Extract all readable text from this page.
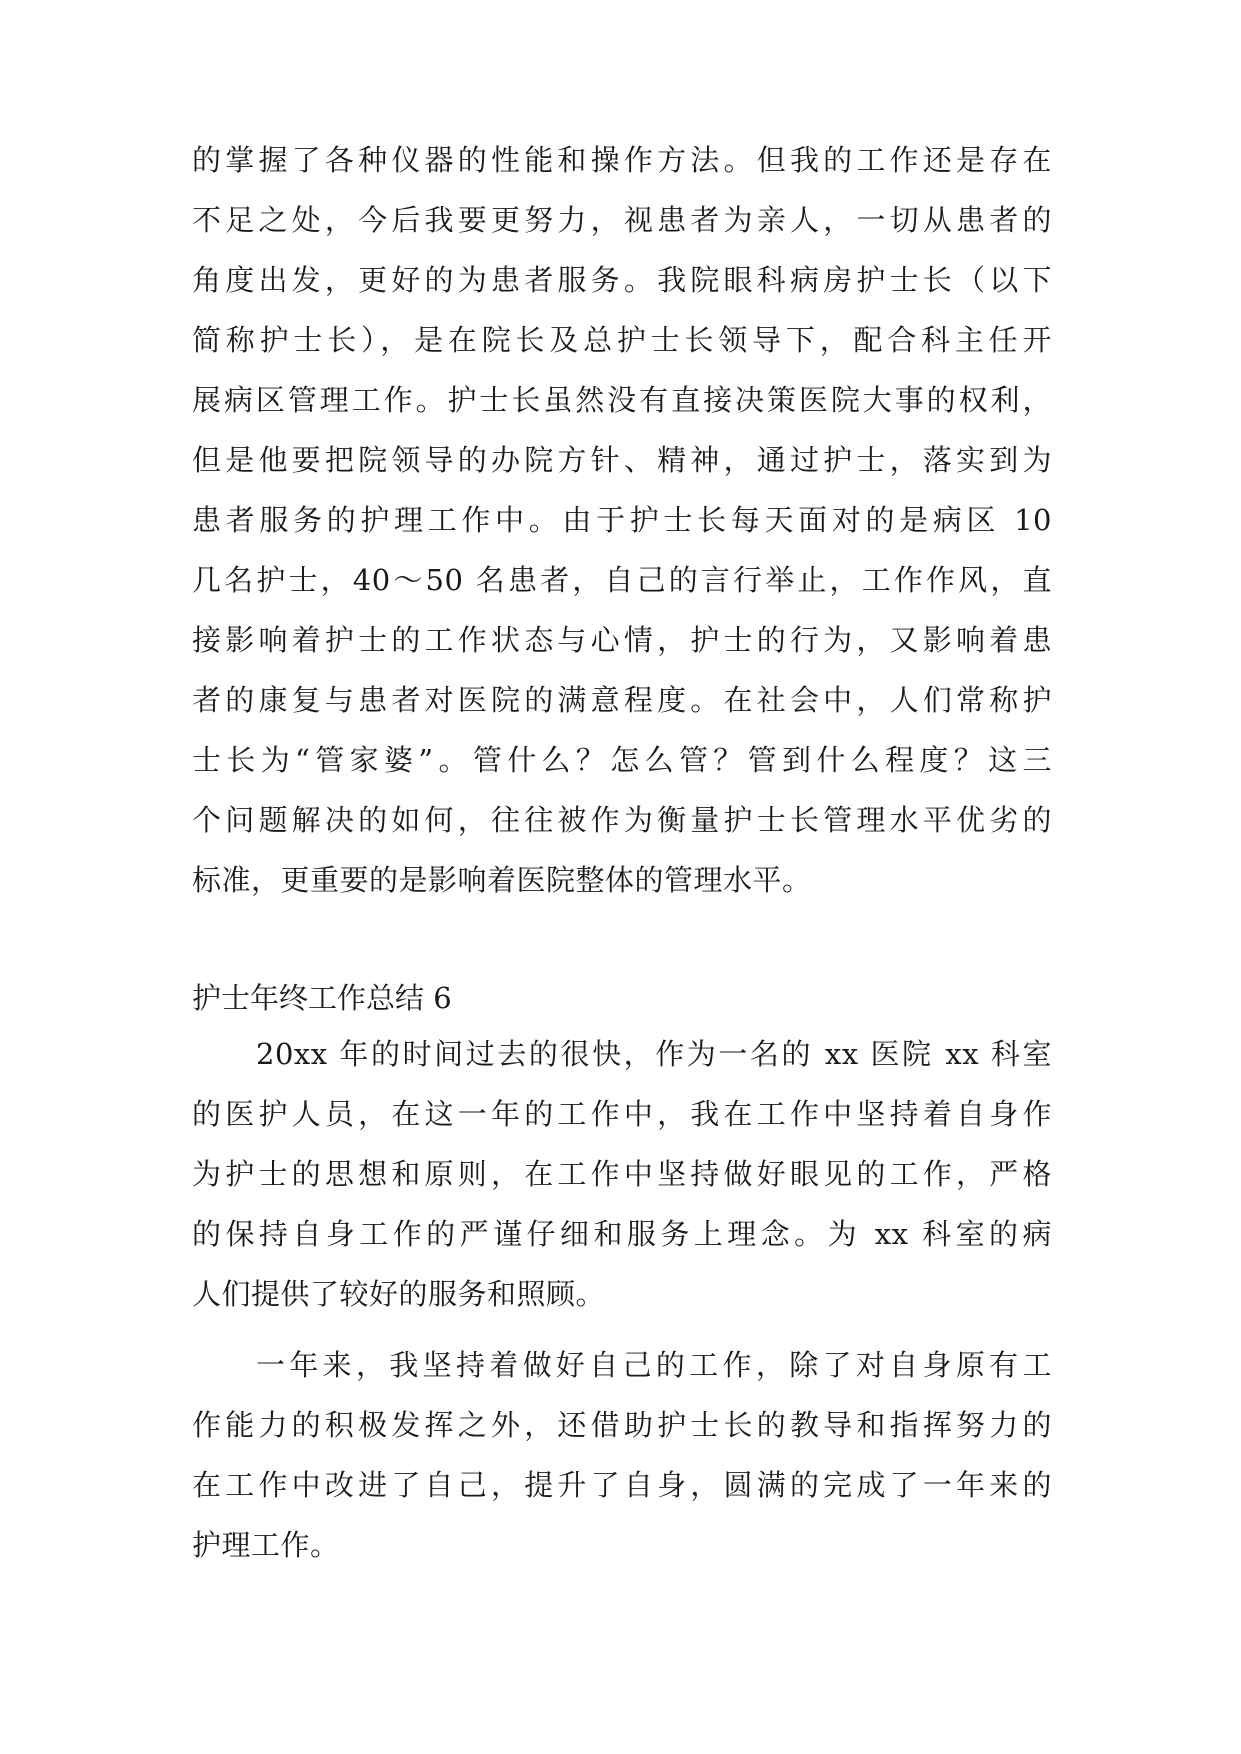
的掌握了各种仪器的性能和操作方法。但我的工作还是存在
不足之处，今后我要更努力，视患者为亲人，一切从患者的
角度出发，更好的为患者服务。我院眼科病房护士长（以下
简称护士长），是在院长及总护士长领导下，配合科主任开
展病区管理工作。护士长虽然没有直接决策医院大事的权利，
但是他要把院领导的办院方针、精神，通过护士，落实到为
患者服务的护理工作中。由于护士长每天面对的是病区 10
几名护士，40～50 名患者，自己的言行举止，工作作风，直
接影响着护士的工作状态与心情，护士的行为，又影响着患
者的康复与患者对医院的满意程度。在社会中，人们常称护
士长为“管家婆”。管什么？怎么管？管到什么程度？这三
个问题解决的如何，往往被作为衡量护士长管理水平优劣的
标准，更重要的是影响着医院整体的管理水平。
护士年终工作总结 6
20xx 年的时间过去的很快，作为一名的 xx 医院 xx 科室
的医护人员，在这一年的工作中，我在工作中坚持着自身作
为护士的思想和原则，在工作中坚持做好眼见的工作，严格
的保持自身工作的严谨仔细和服务上理念。为 xx 科室的病
人们提供了较好的服务和照顾。
一年来，我坚持着做好自己的工作，除了对自身原有工
作能力的积极发挥之外，还借助护士长的教导和指挥努力的
在工作中改进了自己，提升了自身，圆满的完成了一年来的
护理工作。
